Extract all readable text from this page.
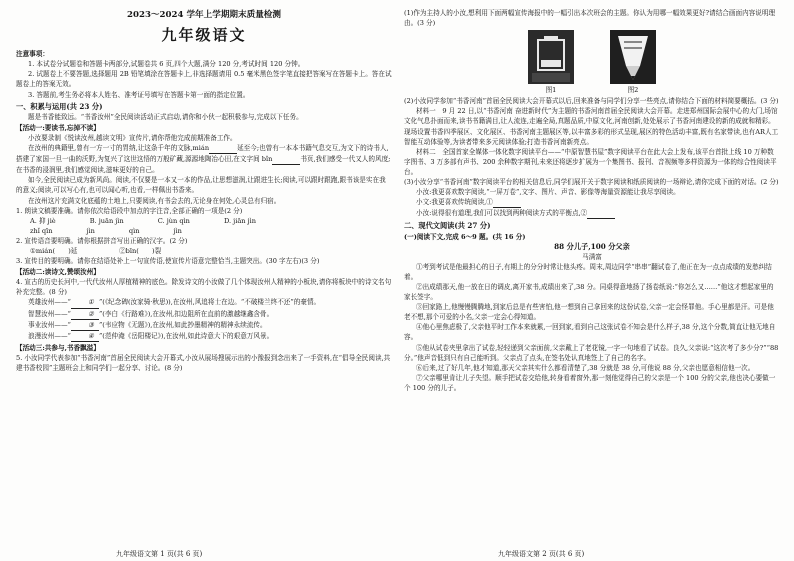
2023～2024 学年上学期期末质量检测
九年级语文

注意事项：

1. 本试卷分试题卷和答题卡两部分,试题卷共 6 页,四个大题,满分 120 分,考试时间 120 分钟。

2. 试题卷上不要答题,选择题用 2B 铅笔填涂在答题卡上,非选择题请用 0.5 毫米黑色签字笔直接把答案写在答题卡上。答在试题卷上的答案无效。

3. 答题前,考生务必将本人姓名、准考证号填写在答题卡第一面的指定位置。

一、积累与运用(共 23 分)

题是书香能致远。“书香汝州”全民阅读活动正式启动,请你和小伙一起积极参与,完成以下任务。

【活动一:要读书,忘掉不读】

小汝要录制《悦读汝州,越读文明》宣传片,请你帮他完成前期准备工作。

在汝州的典籍里,曾有一方一寸的胃纳,让这条千年的文脉,mián　	延至今;也曾有一本本书籍气息交互,为文下的诗书人,搭建了家国一旦一曲的沃野,为复兴了这世这悟的万般矿藏,源源地陶冶心田,在文字间 bǐn　	书页,我们感受一代又人的风度;在书香的浸润里,我们感觉阅读,滋味更好的自己。

如今,全民阅读已成为新风尚。阅读,不仅要是一本又一本的作品,让思想滋润,让跟进生长;阅读,可以跟时跟跑,跟书该是实在我的意义;阅读,可以写心有,也可以闻心听,也看,一样佩出书香来。

在汝州这片充满文化底蕴的土地上,只要阅读,有书会去的,无论身在何处,心灵总有归宿。

1. 朗读文稿要准确。请你依次给语段中加点的字注音,全部正确的一项是(2 分)

A. 抑 jiè	B. juān jìn	C. jùn qìn	D. jiān jìn
zhǐ qīn	jìn	qìn	jìn

2. 宣传语音要明确。请你根据拼音写出正确的汉字。(2 分)

①mián(　　 )延　　　　　　	②bīn(　　 )裂

3. 宣传目的要明确。请你在结语处补上一句宣传语,使宣传片语意完整恰当,主题突出。(30 字左右)(3 分)

【活动二:读诗文,赞颂汝州】

4. 宣古的历史长河中,一代代汝州人厚植精神的底色。除发诗文的小汝做了几个体现汝州人精神的小板块,请你将板块中的诗文名句补充完整。(8 分)

英雄汝州——“	① ”(《纪念碑(汝家骑·秋思)),在汝州,风追将士在边。“不破楼兰终不还”的豪情。

智慧汝州——“	② ”(李白《行路难》),在汝州,扣边阻所在直前的激越继鑫含骨。

事业汝州——“	③ ”(韦应物《无题》),在汝州,如此抄墨精神的精神永续流传。

浪漫汝州——“	④ ”(范仲淹《岳阳楼记》),在汝州,如此诗意大下的艰意万风景。

【活动三:共参与,书香飘溢】

5. 小汝同学代表参加“书香河南”首届全民阅读大会开幕式,小汝从展场搜展示出的小豫报到念出来了一手资料,在“倡导全民阅读,共建书香校园”主题班会上和同学们一起分享、讨论。(8 分)

九年级语文第 1 页(共 6 页)

(1)作为主持人的小汝,想利用下面两幅宣传海报中的一幅引出本次班会的主题。你认为用哪一幅效果更好?请结合画面内容说明理由。(3 分)

图1	图2

(2)小汝同学参加“书香河南”首届全民阅读大会开幕式以后,回来准备与同学们分享一些亮点,请你结合下面的材料简要概括。(3 分)

材料一　9 月 22 日,以“书香河南 奋进新时代”为主题的书香河南首届全民阅读大会开幕。走进郑州国际会展中心的大门,场馆文化气息扑面而来,读书书籍满目,让人流连,走遍全局,真题品质,中原文化,河南创新,处处展示了书香河南建设的新的成就和精彩。现场设置书香四季展区、文化展区、书香河南主题展区等,以丰富多彩的形式呈现,展区的特色活动丰富,既有名家带读,也有AR人工智能互动体验等,为读者带来多元阅读体验;打造书香河南新亮点。

材料二　全国首家全媒体一体化数字阅读平台——“中原智慧书屋”数字阅读平台在此大会上发布,该平台首批上线 10 万种数字图书、3 万多部有声书、200 余种数字期刊,未来还将逐步扩展为一个集图书、报刊、音视频等多样资源为一体的综合性阅读平台。

(3)小汝分享“书香河南”数字阅读平台的相关信息后,同学们展开关于数字阅读和纸质阅读的一场辩论,请你完成下面的对话。(2 分)

小汝:我更喜欢数字阅读,“一屏万卷”,文字、图片、声音、影像等海量资源能让我尽享阅读。

小文:我更喜欢传统阅读,①　

小汝:说得很有道理,我们可以找到两种阅读方式的平衡点,②　

二、现代文阅读(共 27 分)

(一)阅读下文,完成 6～9 题。(共 16 分)

88 分儿子,100 分父亲

马满富

①考到考试是他最担心的日子,有期上的分分时常让他头疼。周末,周边同学“串串”翻试卷了,他正在为一点点成绩的发愁纠结着。

②出成绩那天,他一放在日的调皮,离开家书,成绩出来了,38 分。同桌得意地扬了扬卷纸说:“你怎么又……”他这才想起家里的家长签字。

③回家路上,他慢慢腾腾地,到家后总是有些害怕,他一想到自己拿回来的这份试卷,父亲一定会怪罪他。手心里都是汗。可是他老不想,那个可爱的小名,父亲一定会心得知道。

④他心里焦虑极了,父亲他平时工作本来就累,一回到家,看到自己这张试卷不知会是什么样子,38 分,这个分数,简直让他无地自容。

⑤他从试卷夹里拿出了试卷,轻轻递到父亲面前,父亲戴上了老花镜,一字一句地看了试卷。良久,父亲说:“这次考了多少分?”“88 分。”他声音低到只有自己能听到。父亲点了点头,在签名处认真地签上了自己的名字。

⑥后来,过了好几年,他才知道,那天父亲其实什么都看清楚了,38 分就是 38 分,可他说 88 分,父亲也愿意相信他一次。

⑦父亲哪里肯让儿子失望。顺手把试卷交给他,转身看着窗外,那一刻他觉得自己的父亲是一个 100 分的父亲,他也决心要做一个 100 分的儿子。

九年级语文第 2 页(共 6 页)
